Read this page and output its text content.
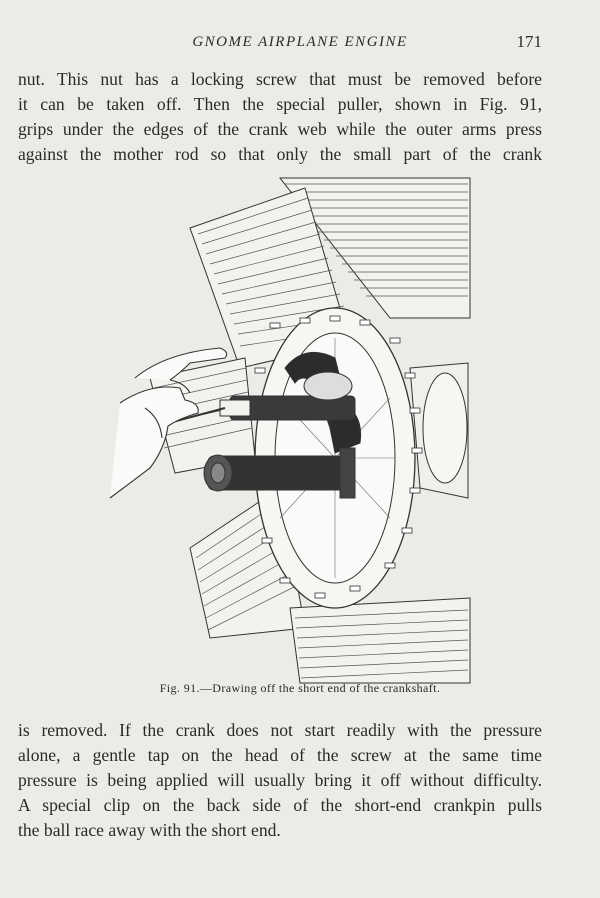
GNOME AIRPLANE ENGINE	171
nut. This nut has a locking screw that must be removed before
it can be taken off. Then the special puller, shown in Fig. 91,
grips under the edges of the crank web while the outer arms press
against the mother rod so that only the small part of the crank
Fig. 91.—Drawing off the short end of the crankshaft.
is removed. If the crank does not start readily with the pressure
alone, a gentle tap on the head of the screw at the same time
pressure is being applied will usually bring it off without difficulty.
A special clip on the back side of the short-end crankpin pulls
the ball race away with the short end.
